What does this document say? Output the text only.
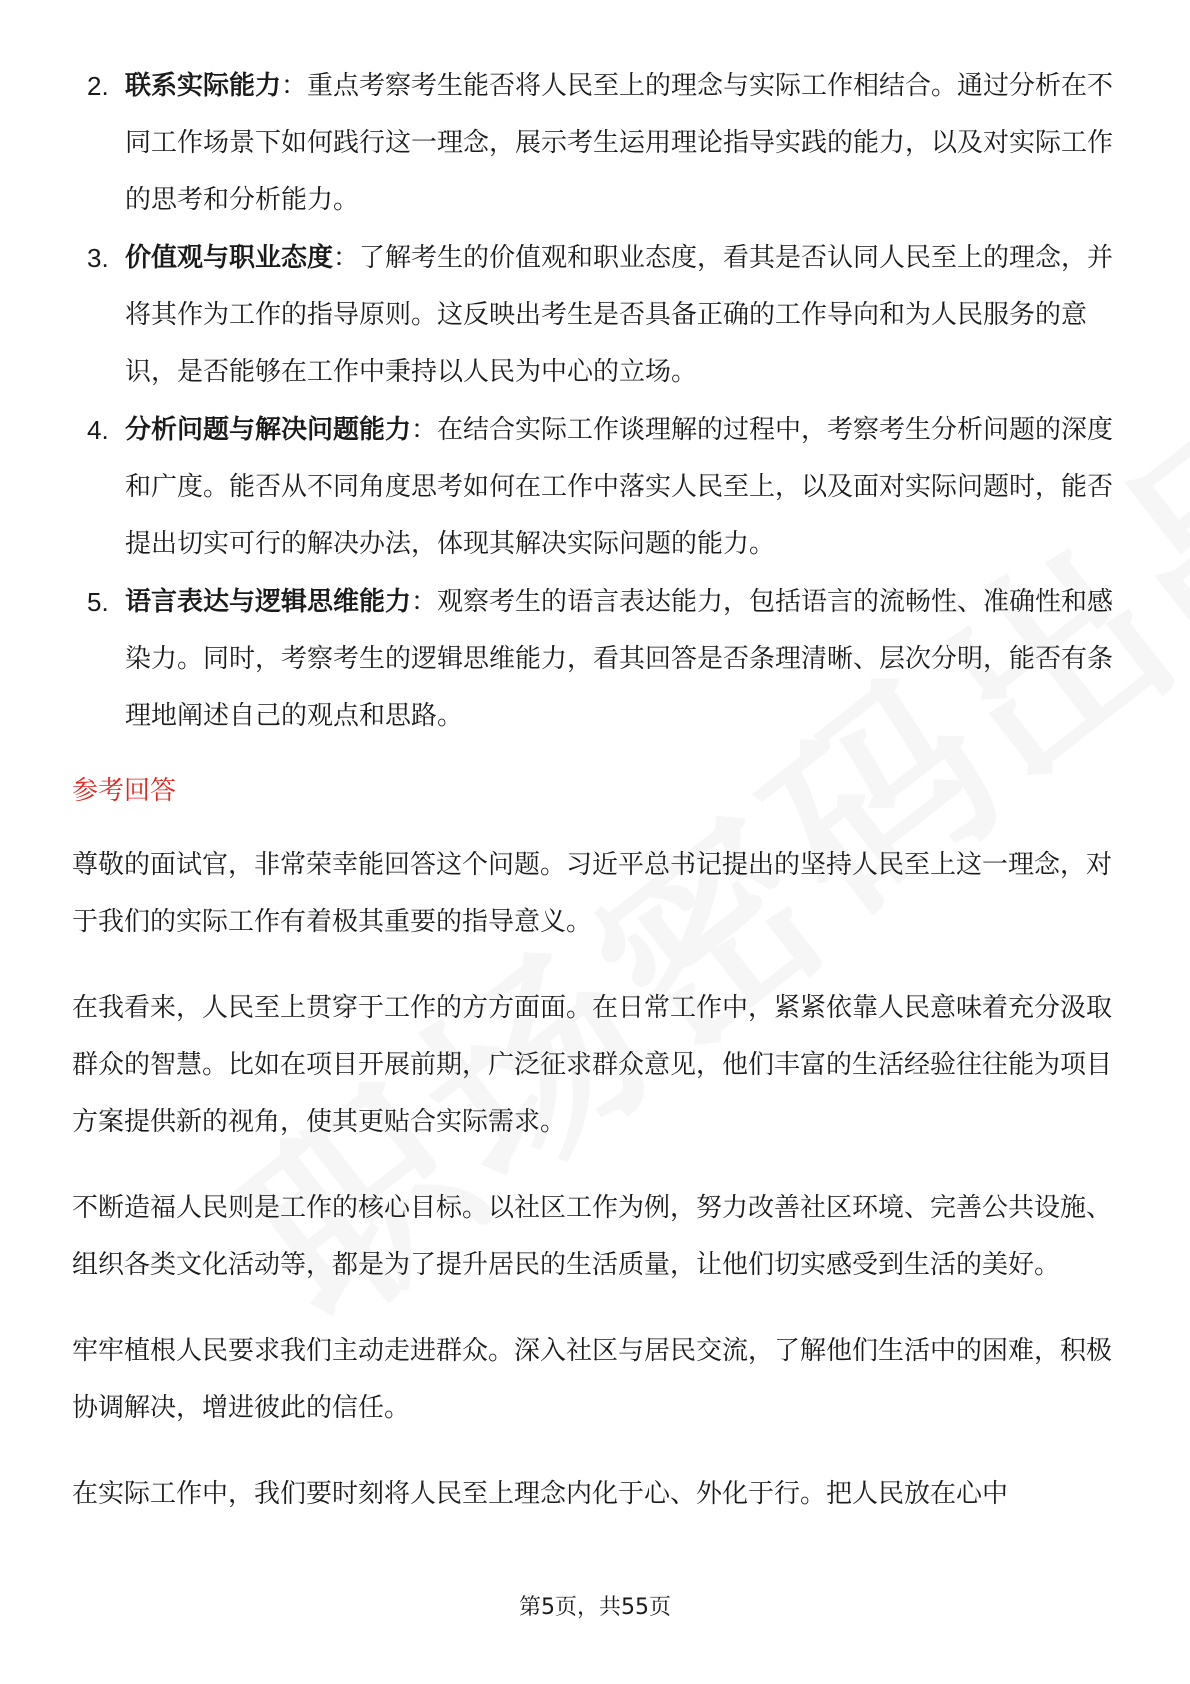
2. 联系实际能力：重点考察考生能否将人民至上的理念与实际工作相结合。通过分析在不同工作场景下如何践行这一理念，展示考生运用理论指导实践的能力，以及对实际工作的思考和分析能力。
3. 价值观与职业态度：了解考生的价值观和职业态度，看其是否认同人民至上的理念，并将其作为工作的指导原则。这反映出考生是否具备正确的工作导向和为人民服务的意识，是否能够在工作中秉持以人民为中心的立场。
4. 分析问题与解决问题能力：在结合实际工作谈理解的过程中，考察考生分析问题的深度和广度。能否从不同角度思考如何在工作中落实人民至上，以及面对实际问题时，能否提出切实可行的解决办法，体现其解决实际问题的能力。
5. 语言表达与逻辑思维能力：观察考生的语言表达能力，包括语言的流畅性、准确性和感染力。同时，考察考生的逻辑思维能力，看其回答是否条理清晰、层次分明，能否有条理地阐述自己的观点和思路。
参考回答

尊敬的面试官，非常荣幸能回答这个问题。习近平总书记提出的坚持人民至上这一理念，对于我们的实际工作有着极其重要的指导意义。

在我看来，人民至上贯穿于工作的方方面面。在日常工作中，紧紧依靠人民意味着充分汲取群众的智慧。比如在项目开展前期，广泛征求群众意见，他们丰富的生活经验往往能为项目方案提供新的视角，使其更贴合实际需求。

不断造福人民则是工作的核心目标。以社区工作为例，努力改善社区环境、完善公共设施、组织各类文化活动等，都是为了提升居民的生活质量，让他们切实感受到生活的美好。

牢牢植根人民要求我们主动走进群众。深入社区与居民交流，了解他们生活中的困难，积极协调解决，增进彼此的信任。

在实际工作中，我们要时刻将人民至上理念内化于心、外化于行。把人民放在心中

第5页，共55页
